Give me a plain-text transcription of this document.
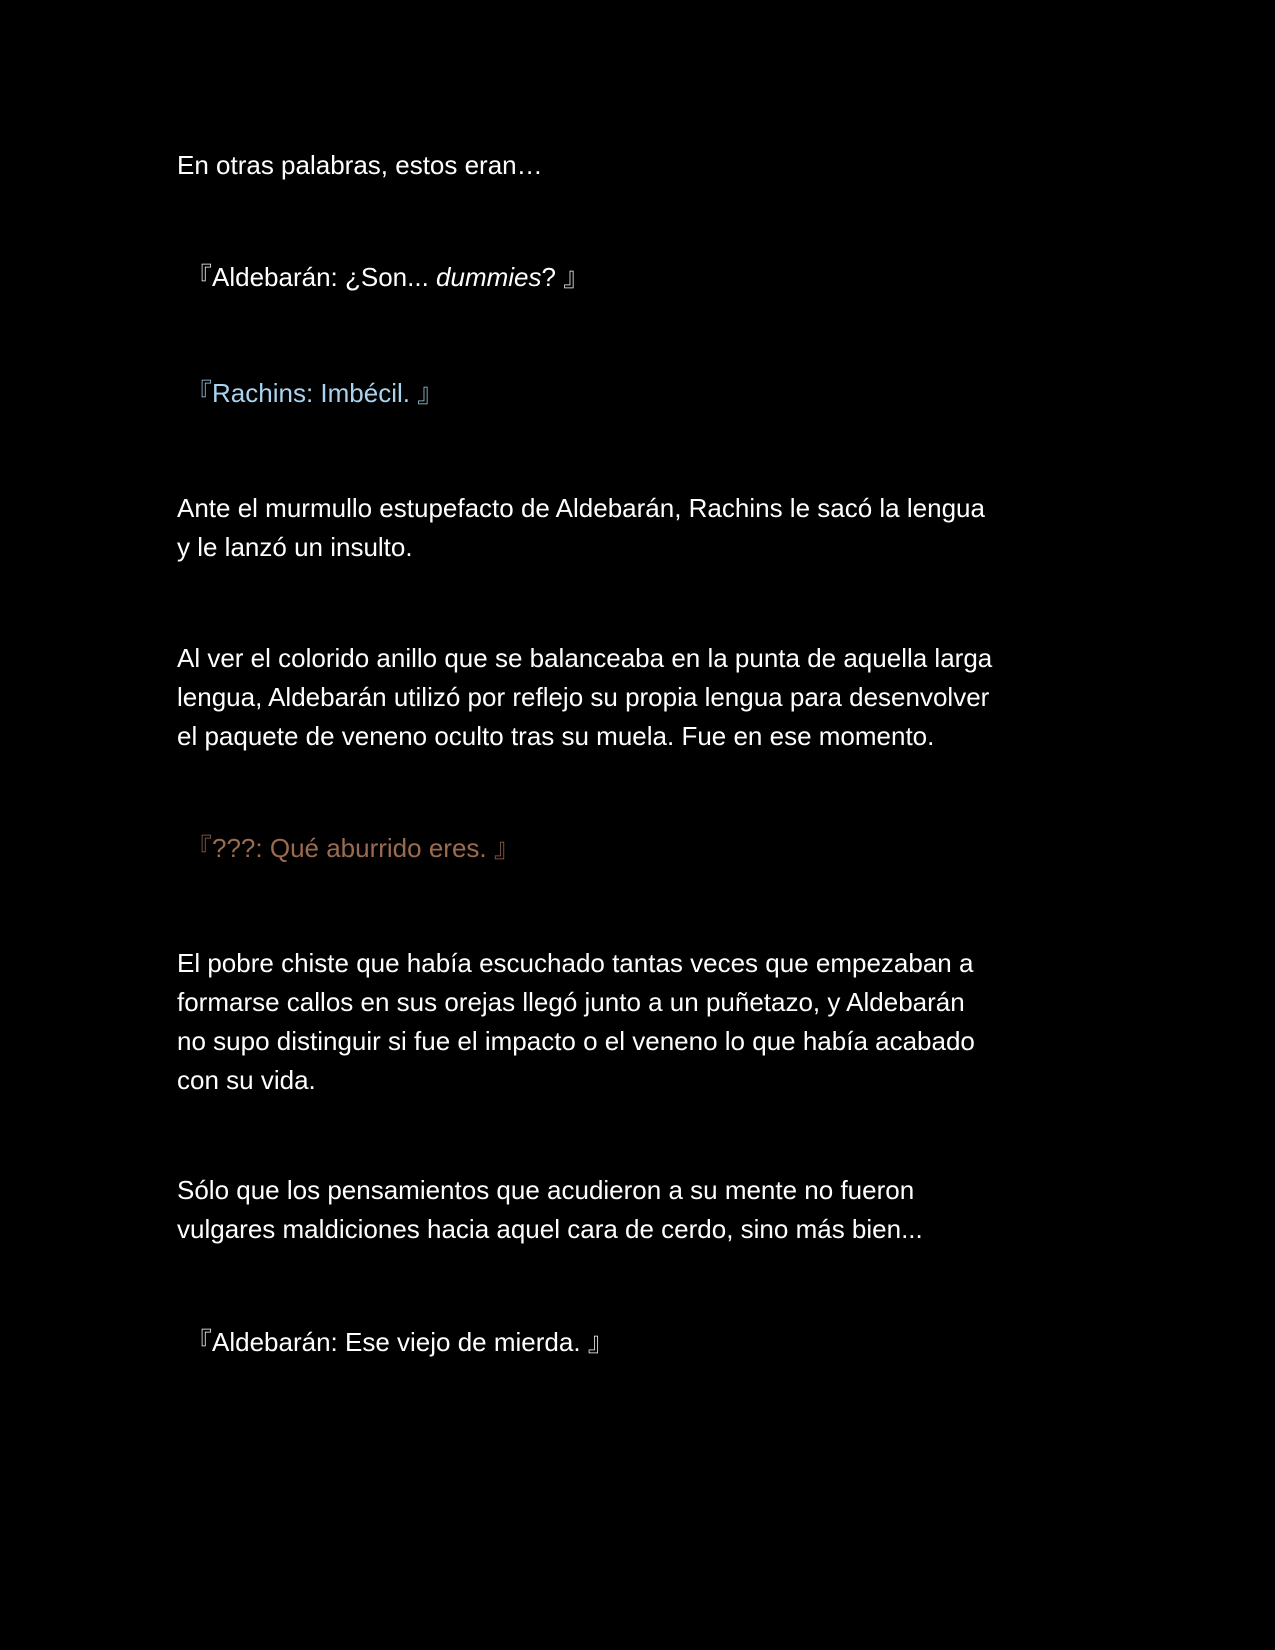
En otras palabras, estos eran…

『Aldebarán: ¿Son... dummies? 』

『Rachins: Imbécil. 』

Ante el murmullo estupefacto de Aldebarán, Rachins le sacó la lengua
y le lanzó un insulto.

Al ver el colorido anillo que se balanceaba en la punta de aquella larga
lengua, Aldebarán utilizó por reflejo su propia lengua para desenvolver
el paquete de veneno oculto tras su muela. Fue en ese momento.

『???: Qué aburrido eres. 』

El pobre chiste que había escuchado tantas veces que empezaban a
formarse callos en sus orejas llegó junto a un puñetazo, y Aldebarán
no supo distinguir si fue el impacto o el veneno lo que había acabado
con su vida.

Sólo que los pensamientos que acudieron a su mente no fueron
vulgares maldiciones hacia aquel cara de cerdo, sino más bien...

『Aldebarán: Ese viejo de mierda. 』
